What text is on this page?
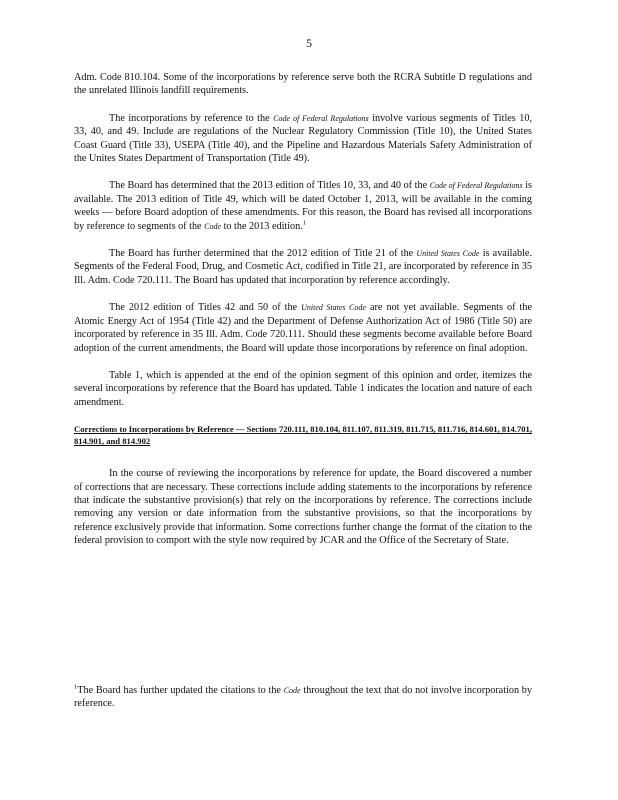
5

Adm. Code 810.104. Some of the incorporations by reference serve both the RCRA Subtitle D regulations and the unrelated Illinois landfill requirements.

The incorporations by reference to the Code of Federal Regulations involve various segments of Titles 10, 33, 40, and 49. Include are regulations of the Nuclear Regulatory Commission (Title 10), the United States Coast Guard (Title 33), USEPA (Title 40), and the Pipeline and Hazardous Materials Safety Administration of the Unites States Department of Transportation (Title 49).

The Board has determined that the 2013 edition of Titles 10, 33, and 40 of the Code of Federal Regulations is available. The 2013 edition of Title 49, which will be dated October 1, 2013, will be available in the coming weeks — before Board adoption of these amendments. For this reason, the Board has revised all incorporations by reference to segments of the Code to the 2013 edition.$^1$

The Board has further determined that the 2012 edition of Title 21 of the United States Code is available. Segments of the Federal Food, Drug, and Cosmetic Act, codified in Title 21, are incorporated by reference in 35 Ill. Adm. Code 720.111. The Board has updated that incorporation by reference accordingly.

The 2012 edition of Titles 42 and 50 of the United States Code are not yet available. Segments of the Atomic Energy Act of 1954 (Title 42) and the Department of Defense Authorization Act of 1986 (Title 50) are incorporated by reference in 35 Ill. Adm. Code 720.111. Should these segments become available before Board adoption of the current amendments, the Board will update those incorporations by reference on final adoption.

Table 1, which is appended at the end of the opinion segment of this opinion and order, itemizes the several incorporations by reference that the Board has updated. Table 1 indicates the location and nature of each amendment.

Corrections to Incorporations by Reference — Sections 720.111, 810.104, 811.107, 811.319, 811.715, 811.716, 814.601, 814.701, 814.901, and 814.902

In the course of reviewing the incorporations by reference for update, the Board discovered a number of corrections that are necessary. These corrections include adding statements to the incorporations by reference that indicate the substantive provision(s) that rely on the incorporations by reference. The corrections include removing any version or date information from the substantive provisions, so that the incorporations by reference exclusively provide that information. Some corrections further change the format of the citation to the federal provision to comport with the style now required by JCAR and the Office of the Secretary of State.

$^1$The Board has further updated the citations to the Code throughout the text that do not involve incorporation by reference.
